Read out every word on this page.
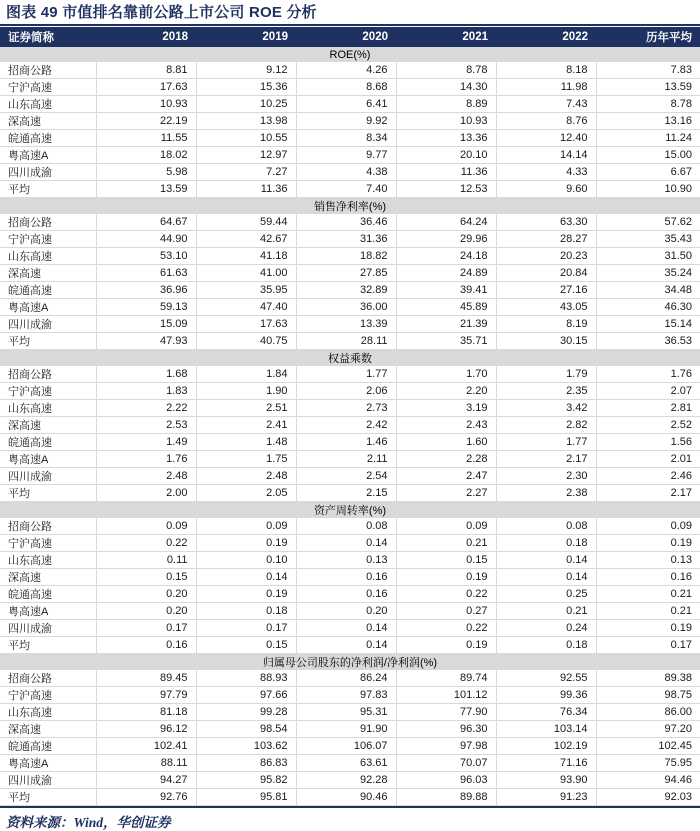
图表 49 市值排名靠前公路上市公司 ROE 分析
证券简称	2018	2019	2020	2021	2022	历年平均
ROE(%)						
招商公路	8.81	9.12	4.26	8.78	8.18	7.83
宁沪高速	17.63	15.36	8.68	14.30	11.98	13.59
山东高速	10.93	10.25	6.41	8.89	7.43	8.78
深高速	22.19	13.98	9.92	10.93	8.76	13.16
皖通高速	11.55	10.55	8.34	13.36	12.40	11.24
粤高速A	18.02	12.97	9.77	20.10	14.14	15.00
四川成渝	5.98	7.27	4.38	11.36	4.33	6.67
平均	13.59	11.36	7.40	12.53	9.60	10.90
销售净利率(%)						
招商公路	64.67	59.44	36.46	64.24	63.30	57.62
宁沪高速	44.90	42.67	31.36	29.96	28.27	35.43
山东高速	53.10	41.18	18.82	24.18	20.23	31.50
深高速	61.63	41.00	27.85	24.89	20.84	35.24
皖通高速	36.96	35.95	32.89	39.41	27.16	34.48
粤高速A	59.13	47.40	36.00	45.89	43.05	46.30
四川成渝	15.09	17.63	13.39	21.39	8.19	15.14
平均	47.93	40.75	28.11	35.71	30.15	36.53
权益乘数						
招商公路	1.68	1.84	1.77	1.70	1.79	1.76
宁沪高速	1.83	1.90	2.06	2.20	2.35	2.07
山东高速	2.22	2.51	2.73	3.19	3.42	2.81
深高速	2.53	2.41	2.42	2.43	2.82	2.52
皖通高速	1.49	1.48	1.46	1.60	1.77	1.56
粤高速A	1.76	1.75	2.11	2.28	2.17	2.01
四川成渝	2.48	2.48	2.54	2.47	2.30	2.46
平均	2.00	2.05	2.15	2.27	2.38	2.17
资产周转率(%)						
招商公路	0.09	0.09	0.08	0.09	0.08	0.09
宁沪高速	0.22	0.19	0.14	0.21	0.18	0.19
山东高速	0.11	0.10	0.13	0.15	0.14	0.13
深高速	0.15	0.14	0.16	0.19	0.14	0.16
皖通高速	0.20	0.19	0.16	0.22	0.25	0.21
粤高速A	0.20	0.18	0.20	0.27	0.21	0.21
四川成渝	0.17	0.17	0.14	0.22	0.24	0.19
平均	0.16	0.15	0.14	0.19	0.18	0.17
归属母公司股东的净利润/净利润(%)						
招商公路	89.45	88.93	86.24	89.74	92.55	89.38
宁沪高速	97.79	97.66	97.83	101.12	99.36	98.75
山东高速	81.18	99.28	95.31	77.90	76.34	86.00
深高速	96.12	98.54	91.90	96.30	103.14	97.20
皖通高速	102.41	103.62	106.07	97.98	102.19	102.45
粤高速A	88.11	86.83	63.61	70.07	71.16	75.95
四川成渝	94.27	95.82	92.28	96.03	93.90	94.46
平均	92.76	95.81	90.46	89.88	91.23	92.03
资料来源：Wind，华创证券
